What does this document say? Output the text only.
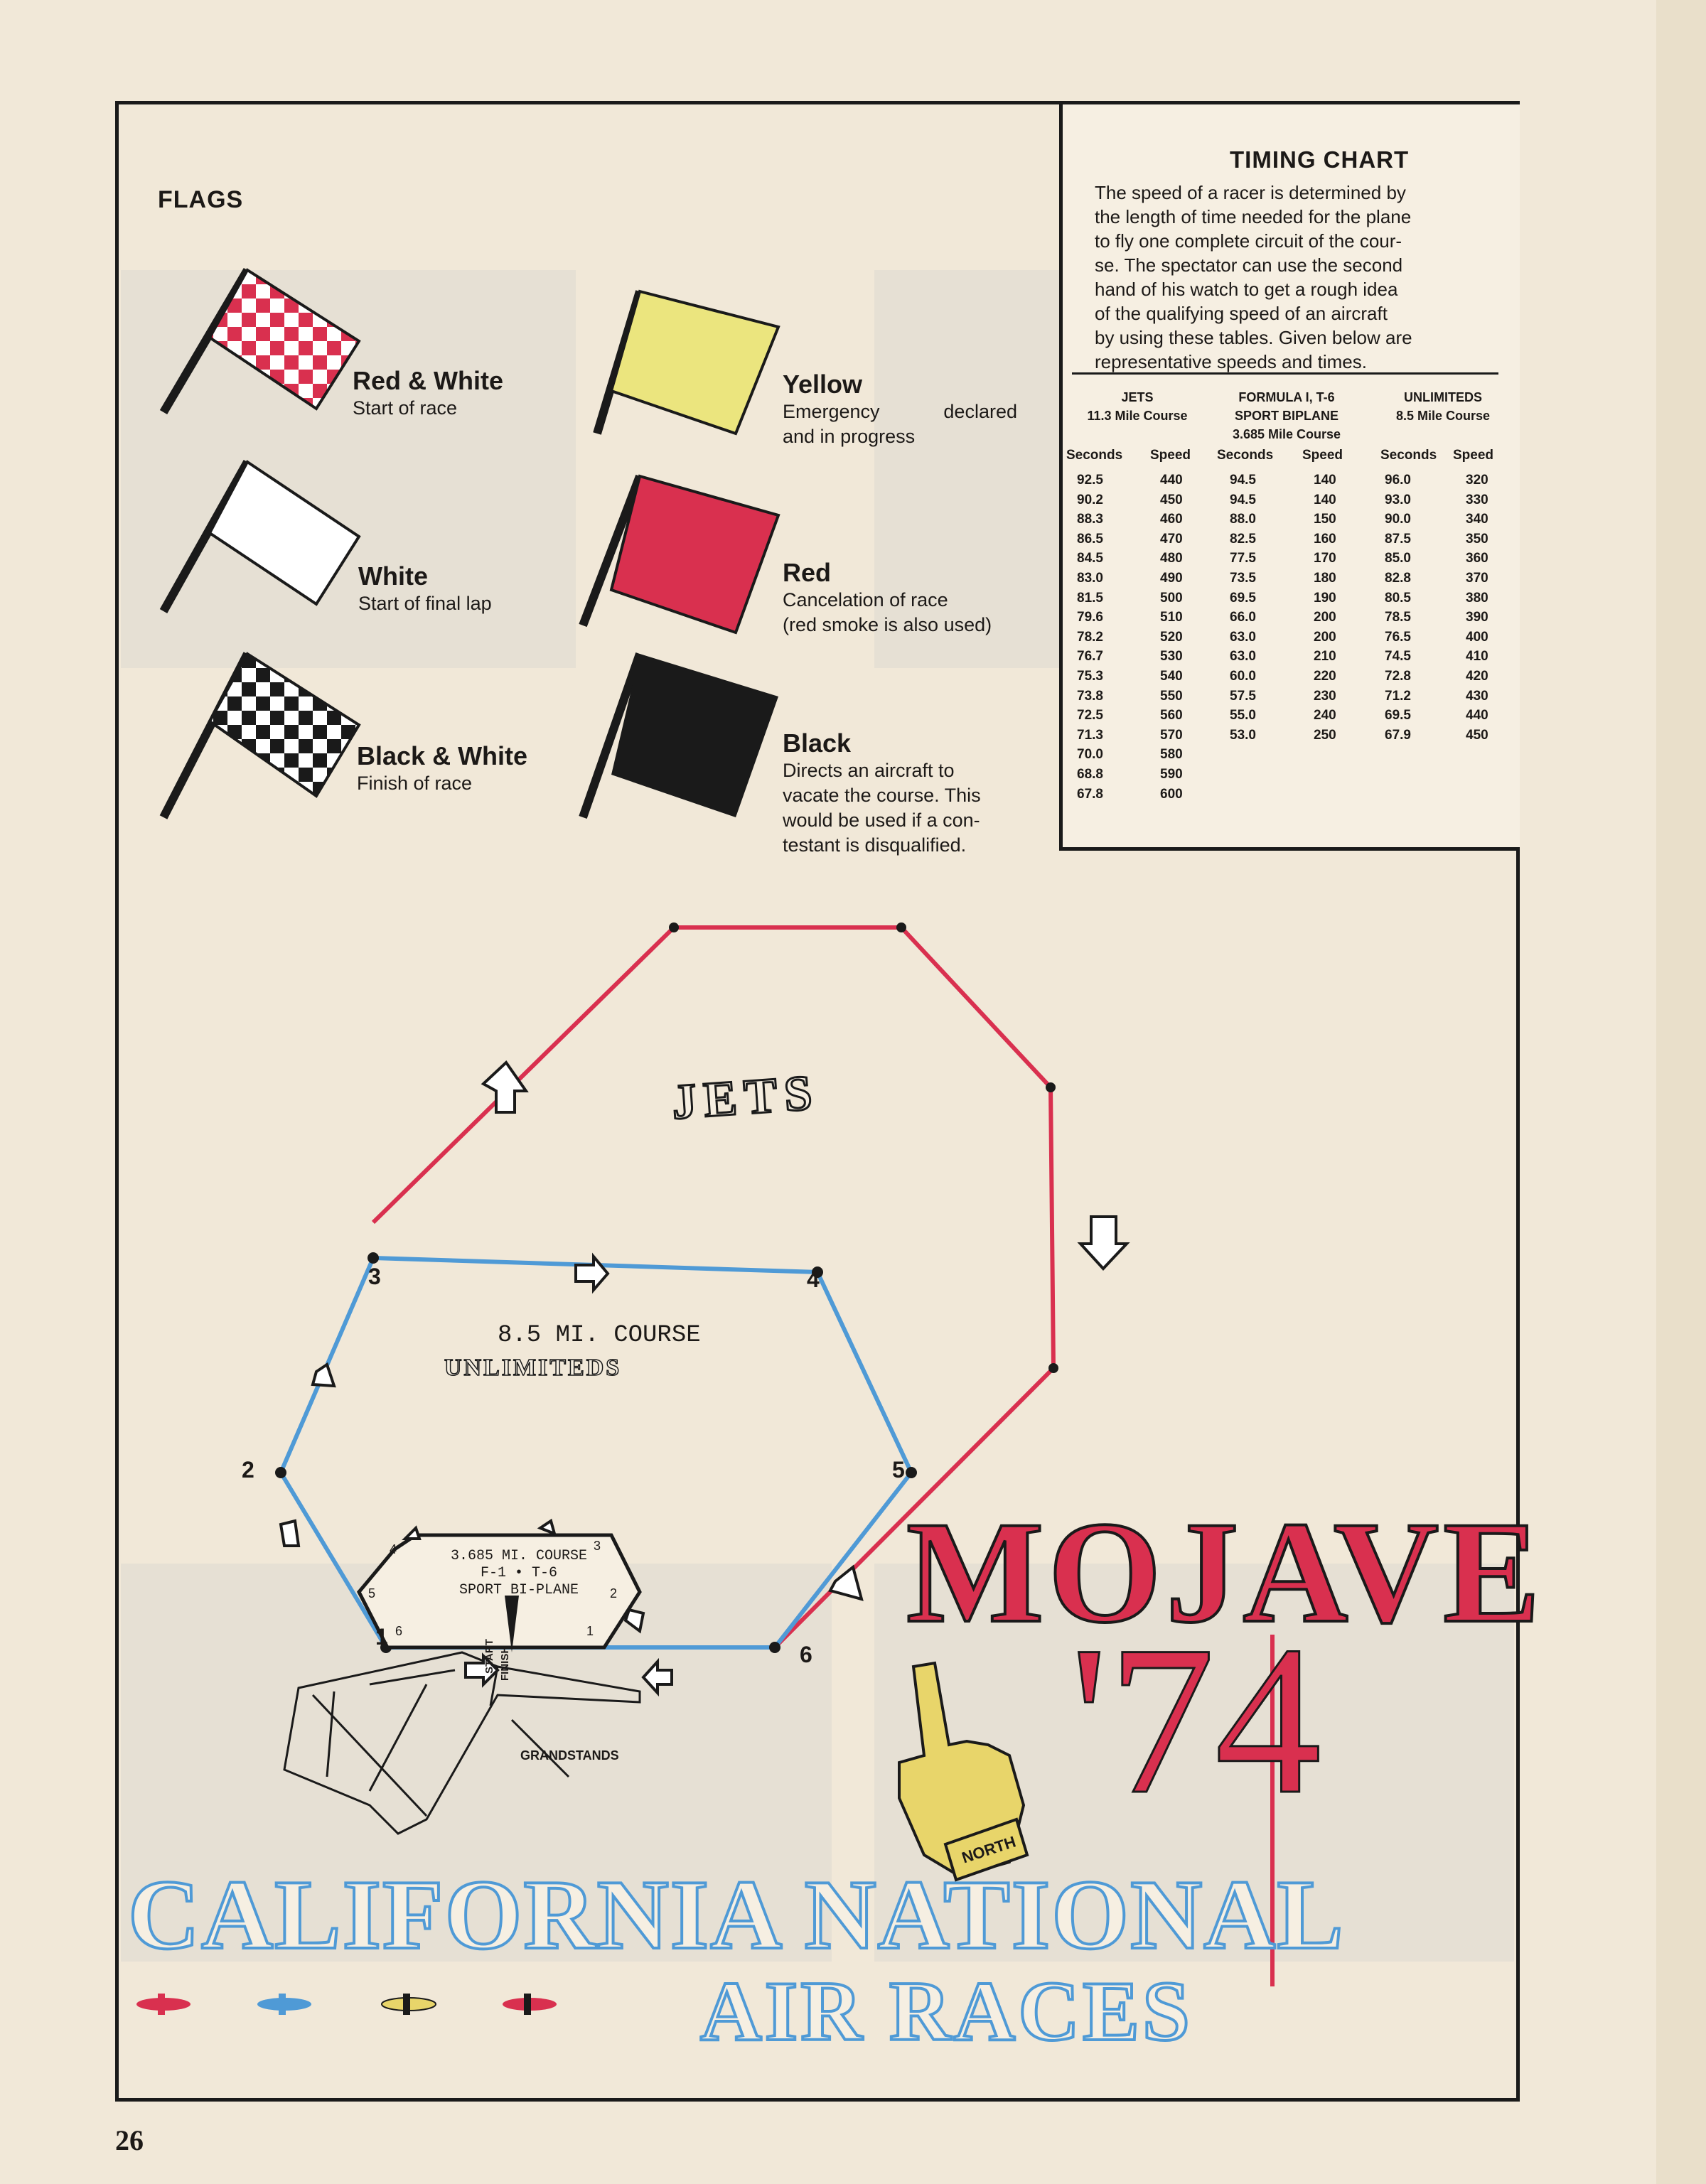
FLAGS
Red & White
Start of race
White
Start of final lap
Black & White
Finish of race
Yellow
Emergency declared
and in progress
Red
Cancelation of race
(red smoke is also used)
Black
Directs an aircraft to
vacate the course. This
would be used if a con-
testant is disqualified.
TIMING CHART
The speed of a racer is determined by
the length of time needed for the plane
to fly one complete circuit of the cour-
se. The spectator can use the second
hand of his watch to get a rough idea
of the qualifying speed of an aircraft
by using these tables. Given below are
representative speeds and times.
JETS
11.3 Mile Course
FORMULA I, T-6
SPORT BIPLANE
3.685 Mile Course
UNLIMITEDS
8.5 Mile Course
Seconds Speed Seconds Speed	Seconds Speed
92.5
90.2
88.3
86.5
84.5
83.0
81.5
79.6
78.2
76.7
75.3
73.8
72.5
71.3
70.0
68.8
67.8
440
450
460
470
480
490
500
510
520
530
540
550
560
570
580
590
600
94.5
94.5
88.0
82.5
77.5
73.5
69.5
66.0
63.0
63.0
60.0
57.5
55.0
53.0
140
140
150
160
170
180
190
200
200
210
220
230
240
250
96.0
93.0
90.0
87.5
85.0
82.8
80.5
78.5
76.5
74.5
72.8
71.2
69.5
67.9
320
330
340
350
360
370
380
390
400
410
420
430
440
450
JETS
8.5 MI. COURSE
UNLIMITEDS
1
2
3	4
5
6
3.685 MI. COURSE
F-1 • T-6
SPORT BI-PLANE
1
2
3
4
5
6
START FINISH
GRANDSTANDS
NORTH
MOJAVE
'74
CALIFORNIA NATIONAL
AIR RACES
26
